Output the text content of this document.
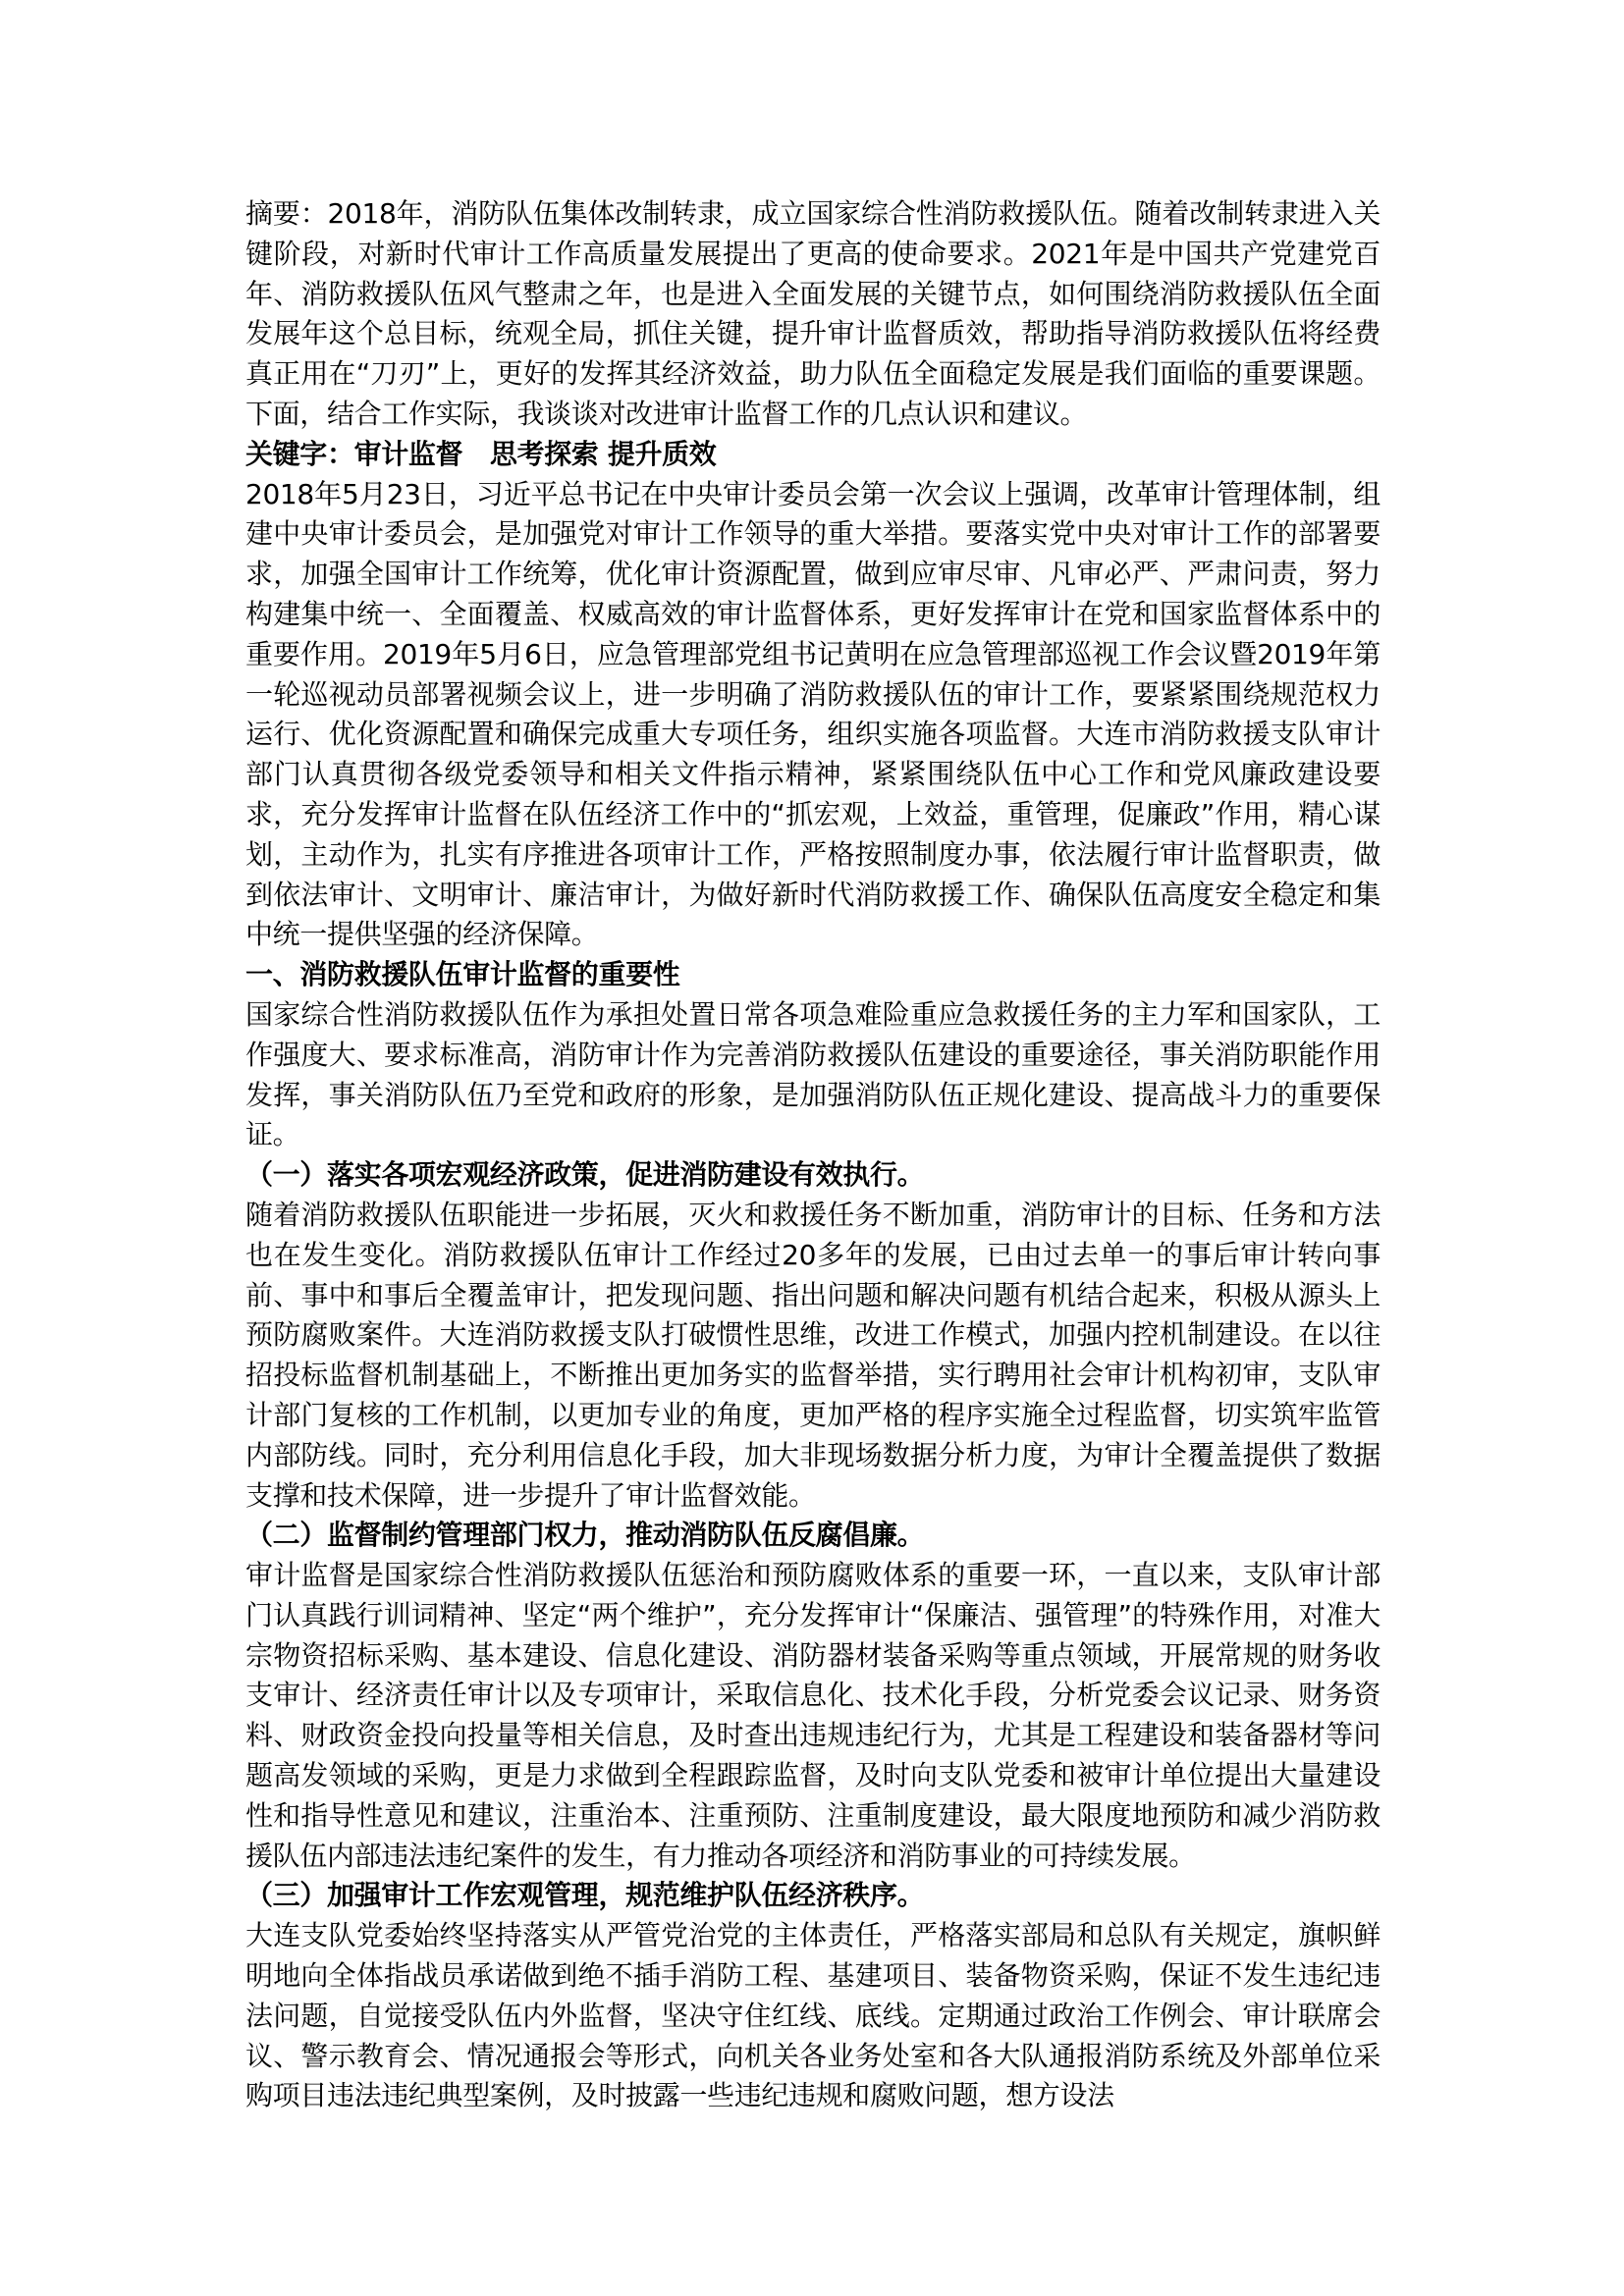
摘要：2018年，消防队伍集体改制转隶，成立国家综合性消防救援队伍。随着改制转隶进入关键阶段，对新时代审计工作高质量发展提出了更高的使命要求。2021年是中国共产党建党百年、消防救援队伍风气整肃之年，也是进入全面发展的关键节点，如何围绕消防救援队伍全面发展年这个总目标，统观全局，抓住关键，提升审计监督质效，帮助指导消防救援队伍将经费真正用在“刀刃”上，更好的发挥其经济效益，助力队伍全面稳定发展是我们面临的重要课题。下面，结合工作实际，我谈谈对改进审计监督工作的几点认识和建议。

关键字：审计监督　思考探索 提升质效

2018年5月23日，习近平总书记在中央审计委员会第一次会议上强调，改革审计管理体制，组建中央审计委员会，是加强党对审计工作领导的重大举措。要落实党中央对审计工作的部署要求，加强全国审计工作统筹，优化审计资源配置，做到应审尽审、凡审必严、严肃问责，努力构建集中统一、全面覆盖、权威高效的审计监督体系，更好发挥审计在党和国家监督体系中的重要作用。2019年5月6日，应急管理部党组书记黄明在应急管理部巡视工作会议暨2019年第一轮巡视动员部署视频会议上，进一步明确了消防救援队伍的审计工作，要紧紧围绕规范权力运行、优化资源配置和确保完成重大专项任务，组织实施各项监督。大连市消防救援支队审计部门认真贯彻各级党委领导和相关文件指示精神，紧紧围绕队伍中心工作和党风廉政建设要求，充分发挥审计监督在队伍经济工作中的“抓宏观，上效益，重管理，促廉政”作用，精心谋划，主动作为，扎实有序推进各项审计工作，严格按照制度办事，依法履行审计监督职责，做到依法审计、文明审计、廉洁审计，为做好新时代消防救援工作、确保队伍高度安全稳定和集中统一提供坚强的经济保障。

一、消防救援队伍审计监督的重要性

国家综合性消防救援队伍作为承担处置日常各项急难险重应急救援任务的主力军和国家队，工作强度大、要求标准高，消防审计作为完善消防救援队伍建设的重要途径，事关消防职能作用发挥，事关消防队伍乃至党和政府的形象，是加强消防队伍正规化建设、提高战斗力的重要保证。

（一）落实各项宏观经济政策，促进消防建设有效执行。

随着消防救援队伍职能进一步拓展，灭火和救援任务不断加重，消防审计的目标、任务和方法也在发生变化。消防救援队伍审计工作经过20多年的发展，已由过去单一的事后审计转向事前、事中和事后全覆盖审计，把发现问题、指出问题和解决问题有机结合起来，积极从源头上预防腐败案件。大连消防救援支队打破惯性思维，改进工作模式，加强内控机制建设。在以往招投标监督机制基础上，不断推出更加务实的监督举措，实行聘用社会审计机构初审，支队审计部门复核的工作机制，以更加专业的角度，更加严格的程序实施全过程监督，切实筑牢监管内部防线。同时，充分利用信息化手段，加大非现场数据分析力度，为审计全覆盖提供了数据支撑和技术保障，进一步提升了审计监督效能。

（二）监督制约管理部门权力，推动消防队伍反腐倡廉。

审计监督是国家综合性消防救援队伍惩治和预防腐败体系的重要一环，一直以来，支队审计部门认真践行训词精神、坚定“两个维护”，充分发挥审计“保廉洁、强管理”的特殊作用，对准大宗物资招标采购、基本建设、信息化建设、消防器材装备采购等重点领域，开展常规的财务收支审计、经济责任审计以及专项审计，采取信息化、技术化手段，分析党委会议记录、财务资料、财政资金投向投量等相关信息，及时查出违规违纪行为，尤其是工程建设和装备器材等问题高发领域的采购，更是力求做到全程跟踪监督，及时向支队党委和被审计单位提出大量建设性和指导性意见和建议，注重治本、注重预防、注重制度建设，最大限度地预防和减少消防救援队伍内部违法违纪案件的发生，有力推动各项经济和消防事业的可持续发展。

（三）加强审计工作宏观管理，规范维护队伍经济秩序。

大连支队党委始终坚持落实从严管党治党的主体责任，严格落实部局和总队有关规定，旗帜鲜明地向全体指战员承诺做到绝不插手消防工程、基建项目、装备物资采购，保证不发生违纪违法问题，自觉接受队伍内外监督，坚决守住红线、底线。定期通过政治工作例会、审计联席会议、警示教育会、情况通报会等形式，向机关各业务处室和各大队通报消防系统及外部单位采购项目违法违纪典型案例，及时披露一些违纪违规和腐败问题，想方设法
